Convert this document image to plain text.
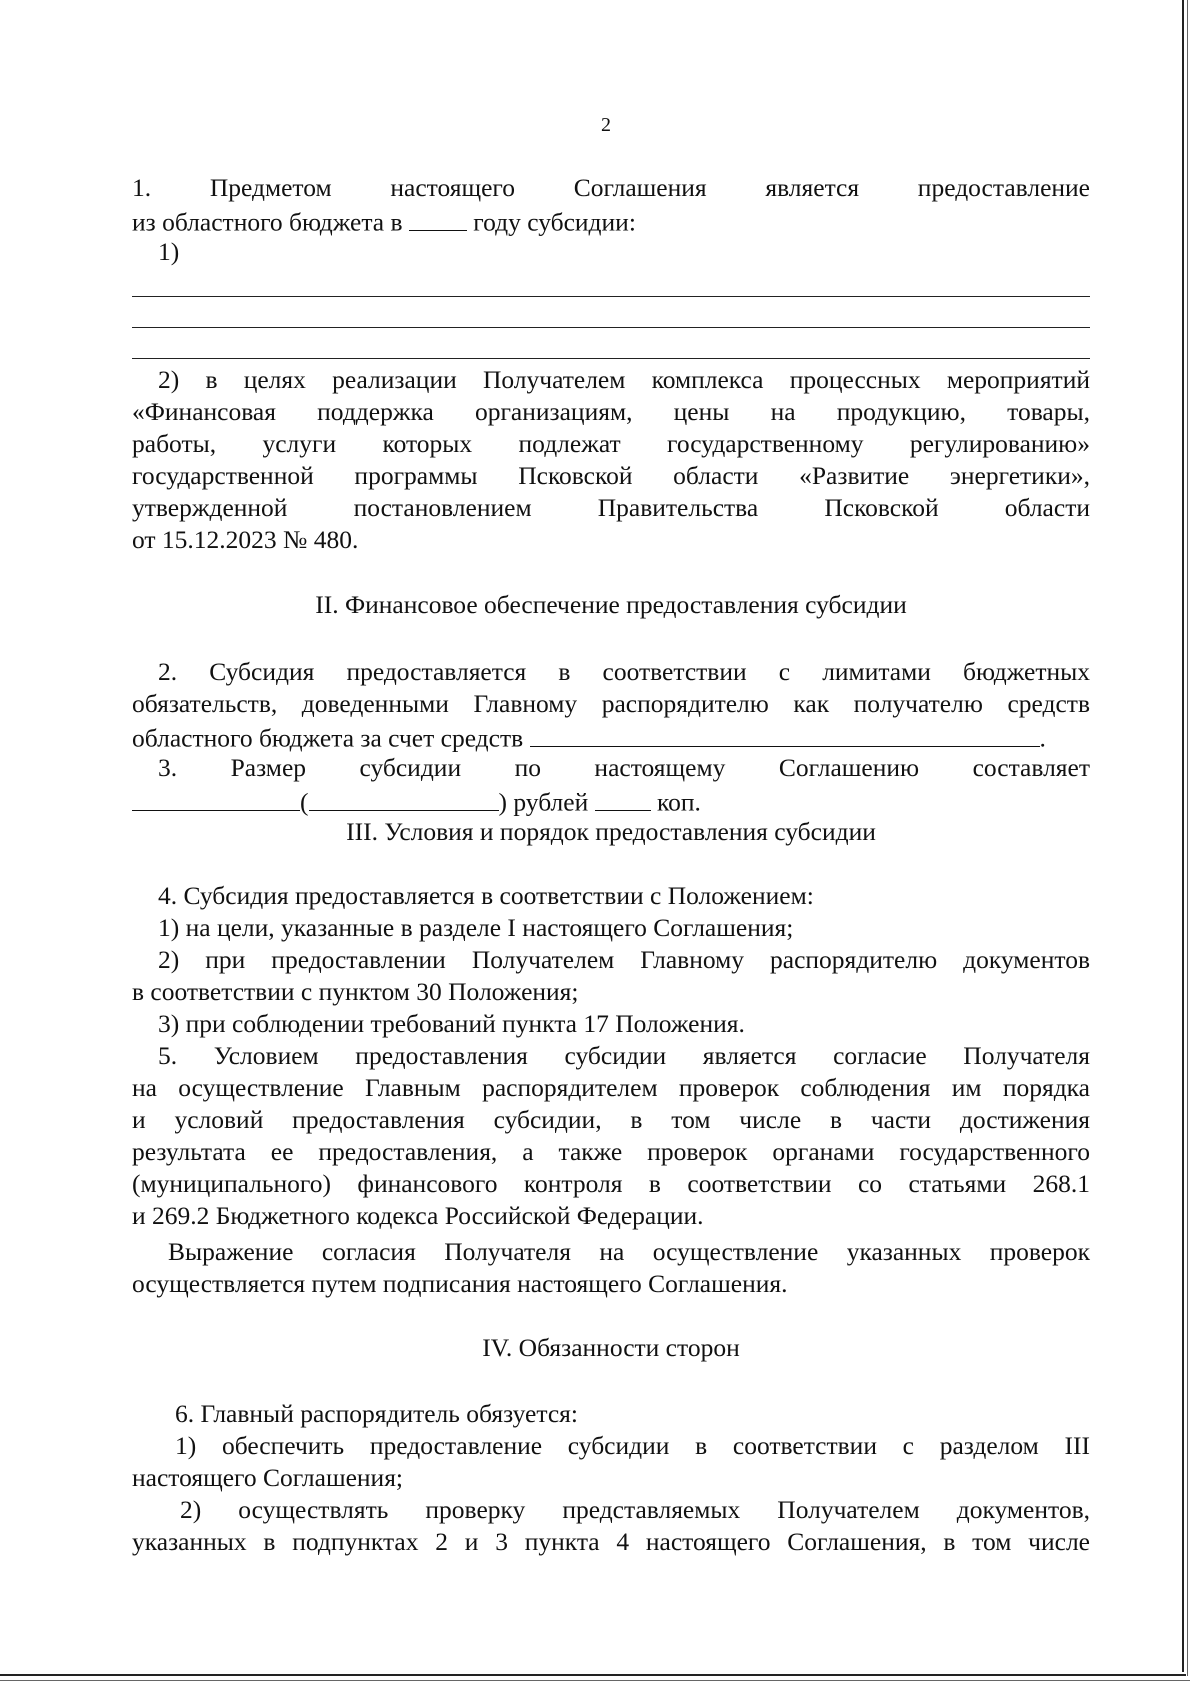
2
1. Предметом настоящего Соглашения является предоставление
из областного бюджета в  году субсидии:
1)
2) в целях реализации Получателем комплекса процессных мероприятий
«Финансовая поддержка организациям, цены на продукцию, товары,
работы, услуги которых подлежат государственному регулированию»
государственной программы Псковской области «Развитие энергетики»,
утвержденной постановлением Правительства Псковской области
от 15.12.2023 № 480.
II. Финансовое обеспечение предоставления субсидии
2. Субсидия предоставляется в соответствии с лимитами бюджетных
обязательств, доведенными Главному распорядителю как получателю средств
областного бюджета за счет средств	.
3. Размер субсидии по настоящему Соглашению составляет
(	) рублей  коп.
III. Условия и порядок предоставления субсидии
4. Субсидия предоставляется в соответствии с Положением:
1) на цели, указанные в разделе I настоящего Соглашения;
2) при предоставлении Получателем Главному распорядителю документов
в соответствии с пунктом 30 Положения;
3) при соблюдении требований пункта 17 Положения.
5. Условием предоставления субсидии является согласие Получателя
на осуществление Главным распорядителем проверок соблюдения им порядка
и условий предоставления субсидии, в том числе в части достижения
результата ее предоставления, а также проверок органами государственного
(муниципального) финансового контроля в соответствии со статьями 268.1
и 269.2 Бюджетного кодекса Российской Федерации.
Выражение согласия Получателя на осуществление указанных проверок
осуществляется путем подписания настоящего Соглашения.
IV. Обязанности сторон
6. Главный распорядитель обязуется:
1) обеспечить предоставление субсидии в соответствии с разделом III
настоящего Соглашения;
2) осуществлять проверку представляемых Получателем документов,
указанных в подпунктах 2 и 3 пункта 4 настоящего Соглашения, в том числе
